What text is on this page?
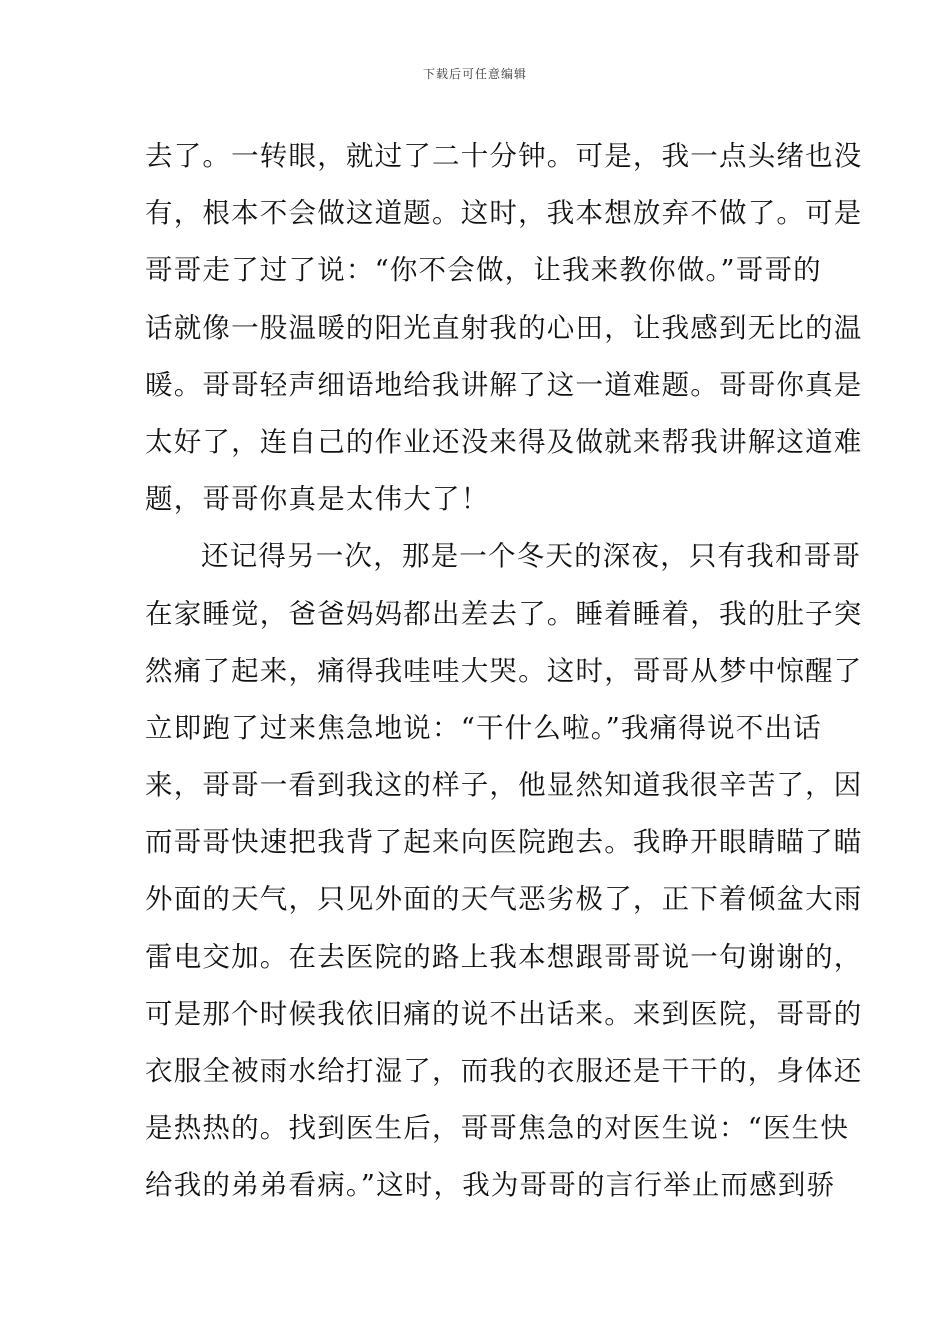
下载后可任意编辑
去了。一转眼，就过了二十分钟。可是，我一点头绪也没
有，根本不会做这道题。这时，我本想放弃不做了。可是
哥哥走了过了说：“你不会做，让我来教你做。”哥哥的
话就像一股温暖的阳光直射我的心田，让我感到无比的温
暖。哥哥轻声细语地给我讲解了这一道难题。哥哥你真是
太好了，连自己的作业还没来得及做就来帮我讲解这道难
题，哥哥你真是太伟大了！
还记得另一次，那是一个冬天的深夜，只有我和哥哥
在家睡觉，爸爸妈妈都出差去了。睡着睡着，我的肚子突
然痛了起来，痛得我哇哇大哭。这时，哥哥从梦中惊醒了
立即跑了过来焦急地说：“干什么啦。”我痛得说不出话
来，哥哥一看到我这的样子，他显然知道我很辛苦了，因
而哥哥快速把我背了起来向医院跑去。我睁开眼睛瞄了瞄
外面的天气，只见外面的天气恶劣极了，正下着倾盆大雨
雷电交加。在去医院的路上我本想跟哥哥说一句谢谢的，
可是那个时候我依旧痛的说不出话来。来到医院，哥哥的
衣服全被雨水给打湿了，而我的衣服还是干干的，身体还
是热热的。找到医生后，哥哥焦急的对医生说：“医生快
给我的弟弟看病。”这时，我为哥哥的言行举止而感到骄
